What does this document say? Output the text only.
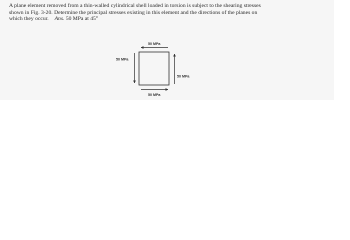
A plane element removed from a thin-walled cylindrical shell loaded in torsion is subject to the shearing stresses
shown in Fig. 3-20. Determine the principal stresses existing in this element and the directions of the planes on
which they occur. Ans. 50 MPa at 45°

50 MPa
50 MPa
50 MPa
50 MPa
